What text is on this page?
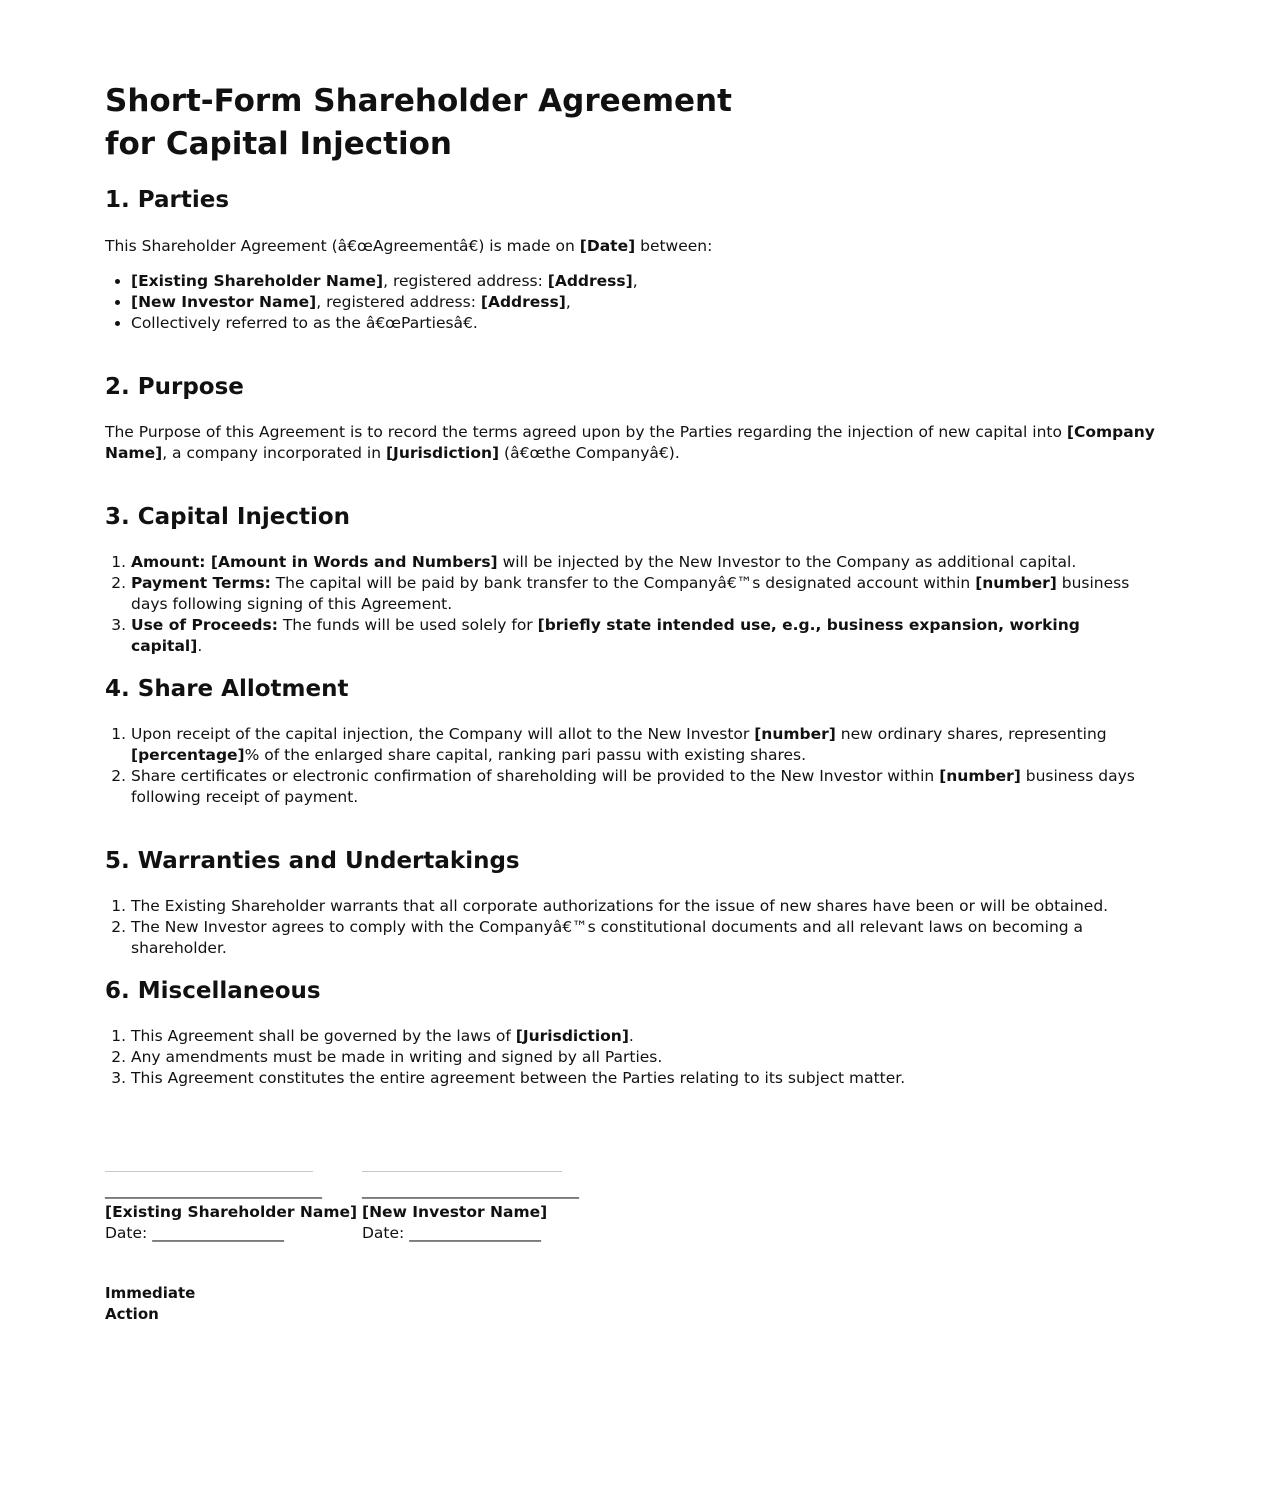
Short-Form Shareholder Agreement
for Capital Injection
1. Parties

This Shareholder Agreement (â€œAgreementâ€) is made on [Date] between:

• [Existing Shareholder Name], registered address: [Address],
• [New Investor Name], registered address: [Address],
• Collectively referred to as the â€œPartiesâ€.
2. Purpose

The Purpose of this Agreement is to record the terms agreed upon by the Parties regarding the injection of new capital into [Company Name], a company incorporated in [Jurisdiction] (â€œthe Companyâ€).

3. Capital Injection
1. Amount: [Amount in Words and Numbers] will be injected by the New Investor to the Company as additional capital.
2. Payment Terms: The capital will be paid by bank transfer to the Companyâ€™s designated account within [number] business days following signing of this Agreement.
3. Use of Proceeds: The funds will be used solely for [briefly state intended use, e.g., business expansion, working capital].
4. Share Allotment
1. Upon receipt of the capital injection, the Company will allot to the New Investor [number] new ordinary shares, representing [percentage]% of the enlarged share capital, ranking pari passu with existing shares.
2. Share certificates or electronic confirmation of shareholding will be provided to the New Investor within [number] business days following receipt of payment.
5. Warranties and Undertakings
1. The Existing Shareholder warrants that all corporate authorizations for the issue of new shares have been or will be obtained.
2. The New Investor agrees to comply with the Companyâ€™s constitutional documents and all relevant laws on becoming a shareholder.
6. Miscellaneous
1. This Agreement shall be governed by the laws of [Jurisdiction].
2. Any amendments must be made in writing and signed by all Parties.
3. This Agreement constitutes the entire agreement between the Parties relating to its subject matter.
____________________________
[Existing Shareholder Name]
Date: _________________
____________________________
[New Investor Name]
Date: _________________
Immediate Action
